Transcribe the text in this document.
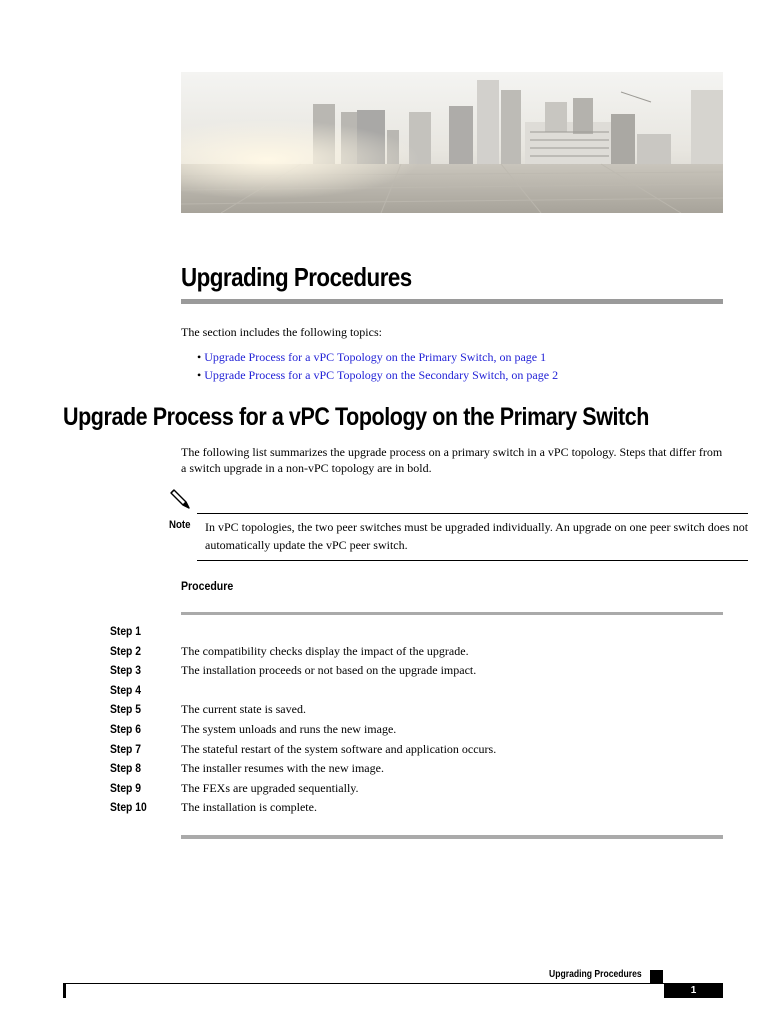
Upgrading Procedures
The section includes the following topics:
• Upgrade Process for a vPC Topology on the Primary Switch, on page 1
• Upgrade Process for a vPC Topology on the Secondary Switch, on page 2
Upgrade Process for a vPC Topology on the Primary Switch
The following list summarizes the upgrade process on a primary switch in a vPC topology. Steps that differ from a switch upgrade in a non-vPC topology are in bold.
Note In vPC topologies, the two peer switches must be upgraded individually. An upgrade on one peer switch does not automatically update the vPC peer switch.
Procedure
Step 1
Step 2	The compatibility checks display the impact of the upgrade.
Step 3	The installation proceeds or not based on the upgrade impact.
Step 4
Step 5	The current state is saved.
Step 6	The system unloads and runs the new image.
Step 7	The stateful restart of the system software and application occurs.
Step 8	The installer resumes with the new image.
Step 9	The FEXs are upgraded sequentially.
Step 10	The installation is complete.
Upgrading Procedures
1
